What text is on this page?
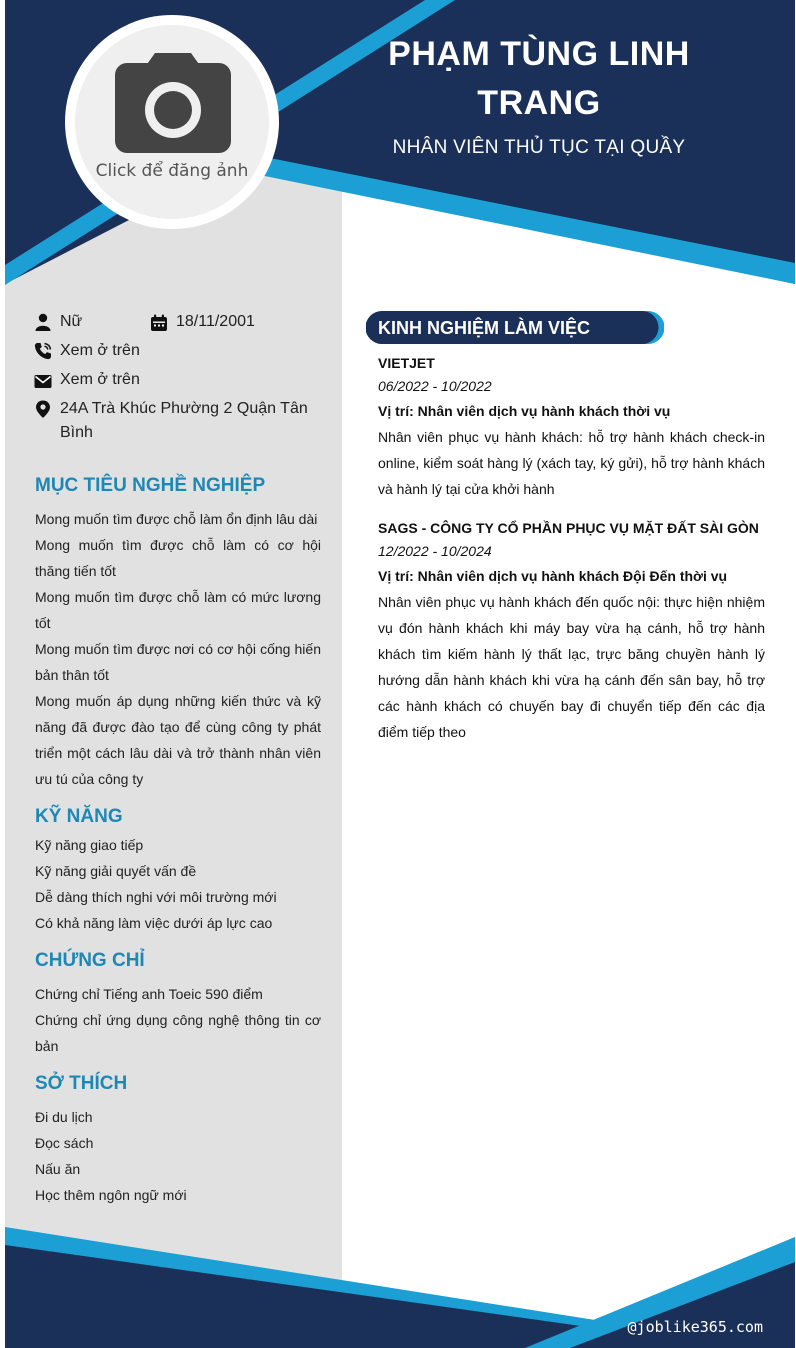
Click để đăng ảnh
PHẠM TÙNG LINH
TRANG
NHÂN VIÊN THỦ TỤC TẠI QUẦY
Nữ	18/11/2001
Xem ở trên
Xem ở trên
24A Trà Khúc Phường 2 Quận Tân Bình
MỤC TIÊU NGHỀ NGHIỆP
Mong muốn tìm được chỗ làm ổn định lâu dài
Mong muốn tìm được chỗ làm có cơ hội thăng tiến tốt
Mong muốn tìm được chỗ làm có mức lương tốt
Mong muốn tìm được nơi có cơ hội cống hiến bản thân tốt
Mong muốn áp dụng những kiến thức và kỹ năng đã được đào tạo để cùng công ty phát triển một cách lâu dài và trở thành nhân viên ưu tú của công ty
KỸ NĂNG
Kỹ năng giao tiếp
Kỹ năng giải quyết vấn đề
Dễ dàng thích nghi với môi trường mới
Có khả năng làm việc dưới áp lực cao
CHỨNG CHỈ
Chứng chỉ Tiếng anh Toeic 590 điểm
Chứng chỉ ứng dụng công nghệ thông tin cơ bản
SỞ THÍCH
Đi du lịch
Đọc sách
Nấu ăn
Học thêm ngôn ngữ mới
KINH NGHIỆM LÀM VIỆC
VIETJET
06/2022 - 10/2022
Vị trí: Nhân viên dịch vụ hành khách thời vụ
Nhân viên phục vụ hành khách: hỗ trợ hành khách check-in online, kiểm soát hàng lý (xách tay, ký gửi), hỗ trợ hành khách và hành lý tại cửa khởi hành
SAGS - CÔNG TY CỔ PHẦN PHỤC VỤ MẶT ĐẤT SÀI GÒN
12/2022 - 10/2024
Vị trí: Nhân viên dịch vụ hành khách Đội Đến thời vụ
Nhân viên phục vụ hành khách đến quốc nội: thực hiện nhiệm vụ đón hành khách khi máy bay vừa hạ cánh, hỗ trợ hành khách tìm kiếm hành lý thất lạc, trực băng chuyền hành lý hướng dẫn hành khách khi vừa hạ cánh đến sân bay, hỗ trợ các hành khách có chuyến bay đi chuyển tiếp đến các địa điểm tiếp theo
@joblike365.com
